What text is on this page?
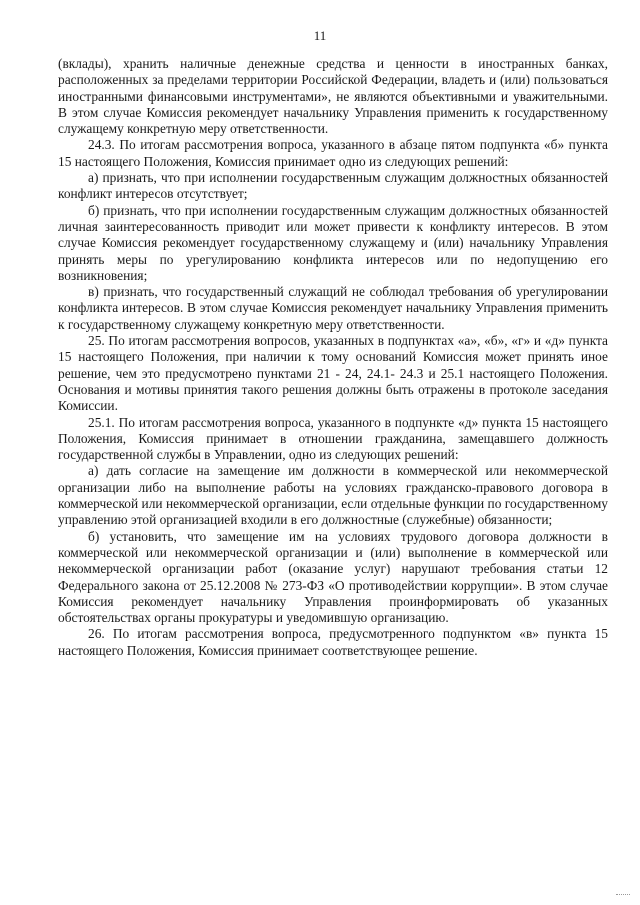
11

(вклады), хранить наличные денежные средства и ценности в иностранных банках, расположенных за пределами территории Российской Федерации, владеть и (или) пользоваться иностранными финансовыми инструментами», не являются объективными и уважительными. В этом случае Комиссия рекомендует начальнику Управления применить к государственному служащему конкретную меру ответственности.

24.3. По итогам рассмотрения вопроса, указанного в абзаце пятом подпункта «б» пункта 15 настоящего Положения, Комиссия принимает одно из следующих решений:

а) признать, что при исполнении государственным служащим должностных обязанностей конфликт интересов отсутствует;

б) признать, что при исполнении государственным служащим должностных обязанностей личная заинтересованность приводит или может привести к конфликту интересов. В этом случае Комиссия рекомендует государственному служащему и (или) начальнику Управления принять меры по урегулированию конфликта интересов или по недопущению его возникновения;

в) признать, что государственный служащий не соблюдал требования об урегулировании конфликта интересов. В этом случае Комиссия рекомендует начальнику Управления применить к государственному служащему конкретную меру ответственности.

25. По итогам рассмотрения вопросов, указанных в подпунктах «а», «б», «г» и «д» пункта 15 настоящего Положения, при наличии к тому оснований Комиссия может принять иное решение, чем это предусмотрено пунктами 21 - 24, 24.1- 24.3 и 25.1 настоящего Положения. Основания и мотивы принятия такого решения должны быть отражены в протоколе заседания Комиссии.

25.1. По итогам рассмотрения вопроса, указанного в подпункте «д» пункта 15 настоящего Положения, Комиссия принимает в отношении гражданина, замещавшего должность государственной службы в Управлении, одно из следующих решений:

а) дать согласие на замещение им должности в коммерческой или некоммерческой организации либо на выполнение работы на условиях гражданско-правового договора в коммерческой или некоммерческой организации, если отдельные функции по государственному управлению этой организацией входили в его должностные (служебные) обязанности;

б) установить, что замещение им на условиях трудового договора должности в коммерческой или некоммерческой организации и (или) выполнение в коммерческой или некоммерческой организации работ (оказание услуг) нарушают требования статьи 12 Федерального закона от 25.12.2008 № 273-ФЗ «О противодействии коррупции». В этом случае Комиссия рекомендует начальнику Управления проинформировать об указанных обстоятельствах органы прокуратуры и уведомившую организацию.

26. По итогам рассмотрения вопроса, предусмотренного подпунктом «в» пункта 15 настоящего Положения, Комиссия принимает соответствующее решение.
